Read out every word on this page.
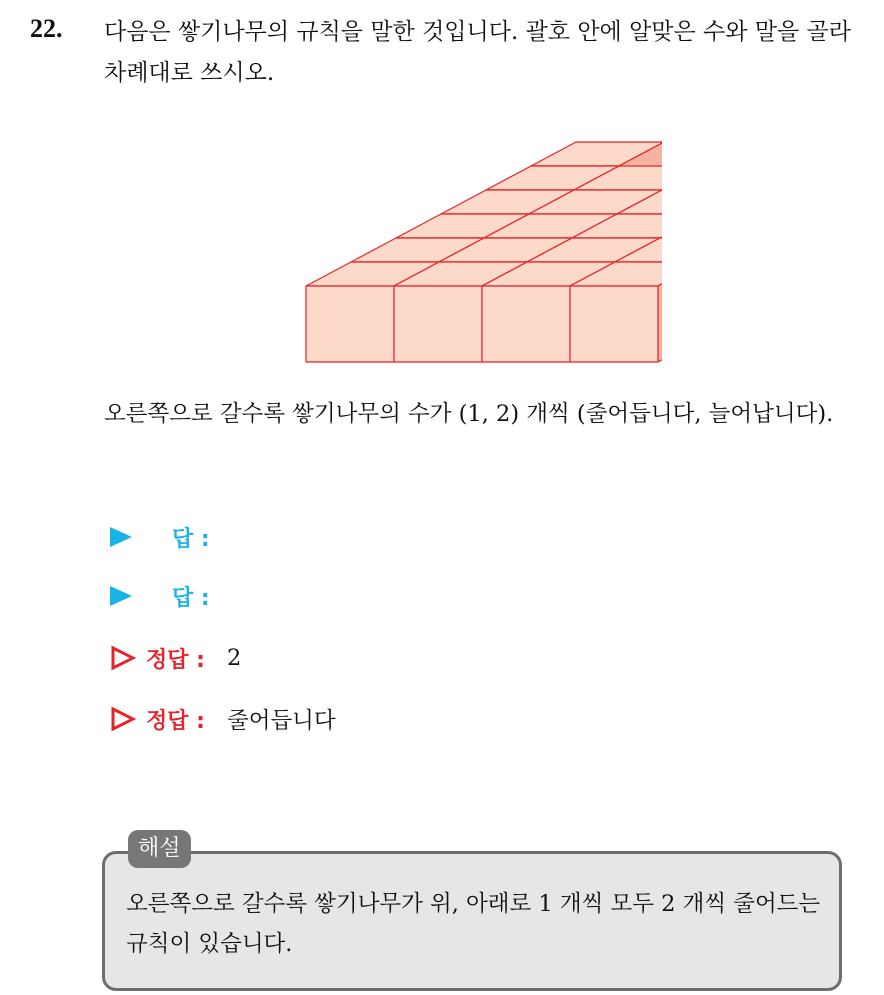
22. 다음은 쌓기나무의 규칙을 말한 것입니다. 괄호 안에 알맞은 수와 말을 골라 차례대로 쓰시오.
오른쪽으로 갈수록 쌓기나무의 수가 (1, 2) 개씩 (줄어듭니다, 늘어납니다).
답 :
답 :
정답 : 2
정답 : 줄어듭니다
해설
오른쪽으로 갈수록 쌓기나무가 위, 아래로 1 개씩 모두 2 개씩 줄어드는 규칙이 있습니다.
